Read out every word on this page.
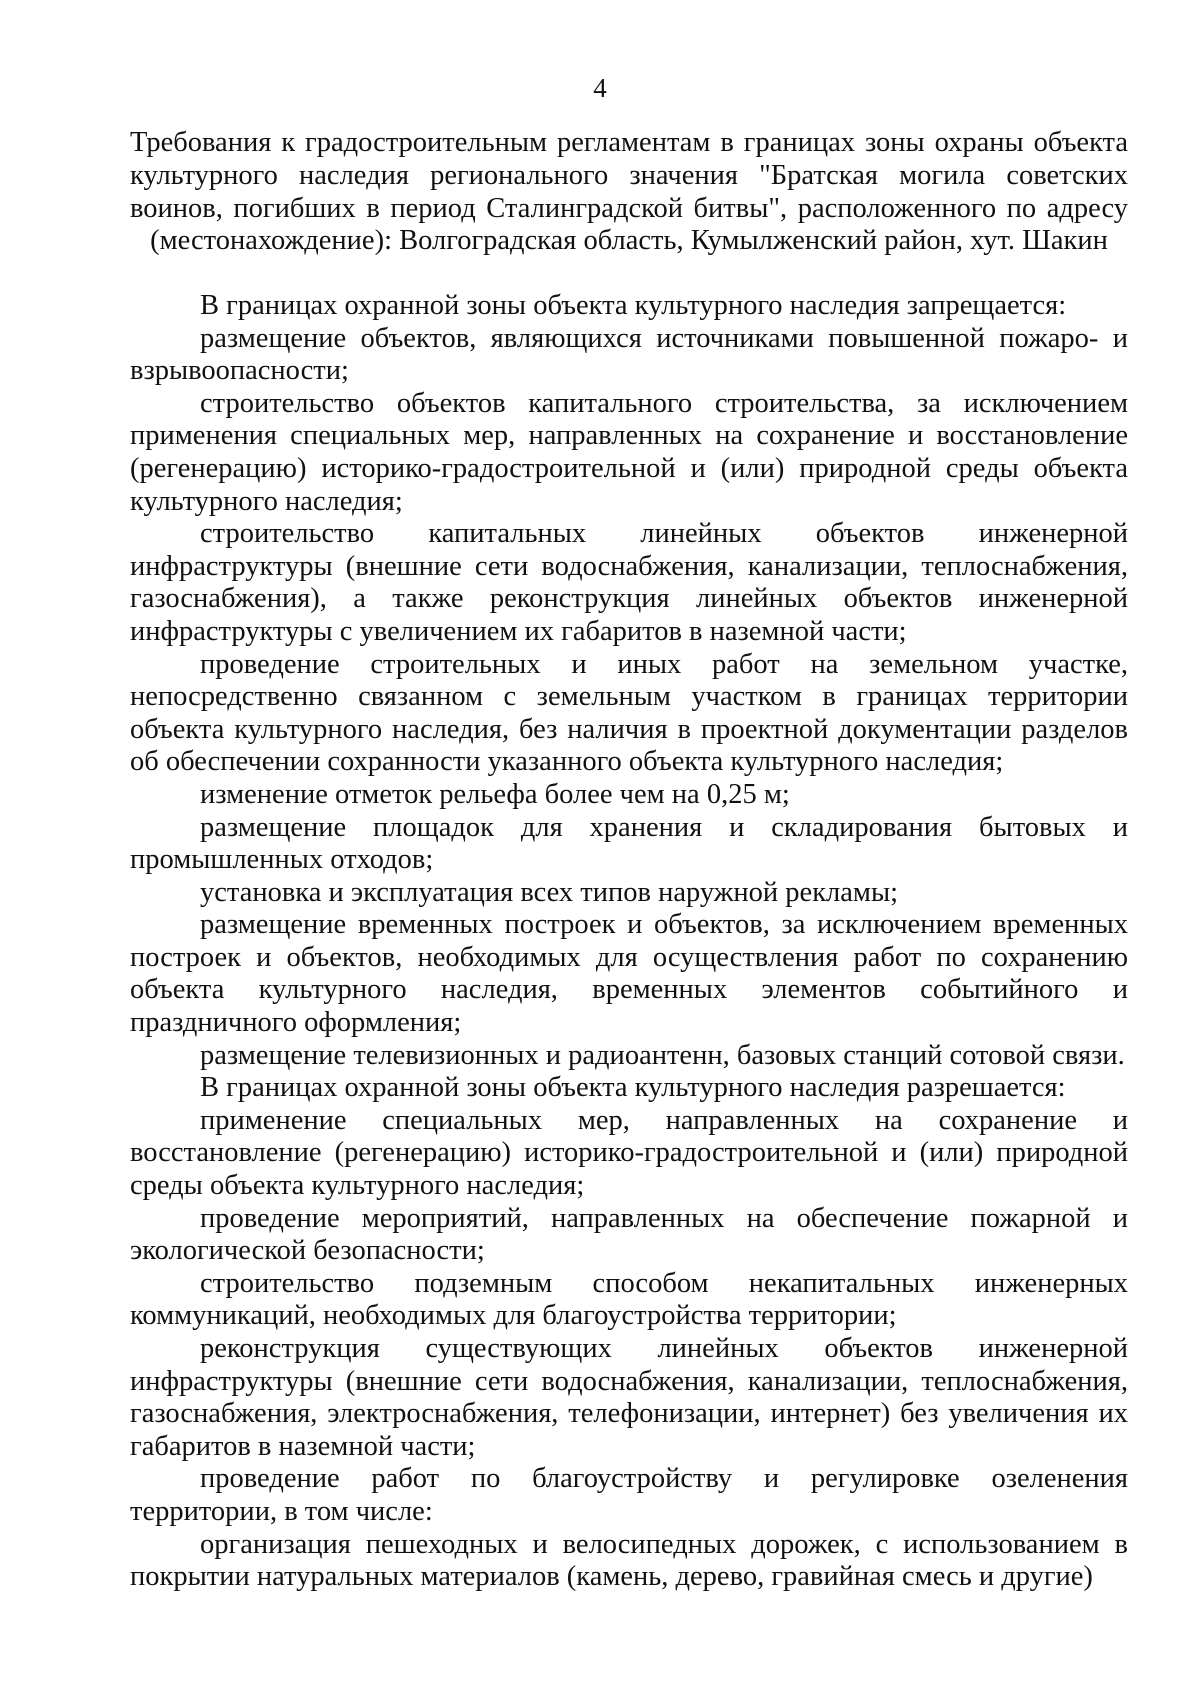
4
Требования к градостроительным регламентам в границах зоны охраны объекта культурного наследия регионального значения "Братская могила советских воинов, погибших в период Сталинградской битвы", расположенного по адресу (местонахождение): Волгоградская область, Кумылженский район, хут. Шакин

В границах охранной зоны объекта культурного наследия запрещается:

размещение объектов, являющихся источниками повышенной пожаро- и взрывоопасности;

строительство объектов капитального строительства, за исключением применения специальных мер, направленных на сохранение и восстановление (регенерацию) историко-градостроительной и (или) природной среды объекта культурного наследия;

строительство капитальных линейных объектов инженерной инфраструктуры (внешние сети водоснабжения, канализации, теплоснабжения, газоснабжения), а также реконструкция линейных объектов инженерной инфраструктуры с увеличением их габаритов в наземной части;

проведение строительных и иных работ на земельном участке, непосредственно связанном с земельным участком в границах территории объекта культурного наследия, без наличия в проектной документации разделов об обеспечении сохранности указанного объекта культурного наследия;

изменение отметок рельефа более чем на 0,25 м;

размещение площадок для хранения и складирования бытовых и промышленных отходов;

установка и эксплуатация всех типов наружной рекламы;

размещение временных построек и объектов, за исключением временных построек и объектов, необходимых для осуществления работ по сохранению объекта культурного наследия, временных элементов событийного и праздничного оформления;

размещение телевизионных и радиоантенн, базовых станций сотовой связи.

В границах охранной зоны объекта культурного наследия разрешается:

применение специальных мер, направленных на сохранение и восстановление (регенерацию) историко-градостроительной и (или) природной среды объекта культурного наследия;

проведение мероприятий, направленных на обеспечение пожарной и экологической безопасности;

строительство подземным способом некапитальных инженерных коммуникаций, необходимых для благоустройства территории;

реконструкция существующих линейных объектов инженерной инфраструктуры (внешние сети водоснабжения, канализации, теплоснабжения, газоснабжения, электроснабжения, телефонизации, интернет) без увеличения их габаритов в наземной части;

проведение работ по благоустройству и регулировке озеленения территории, в том числе:

организация пешеходных и велосипедных дорожек, с использованием в покрытии натуральных материалов (камень, дерево, гравийная смесь и другие)
